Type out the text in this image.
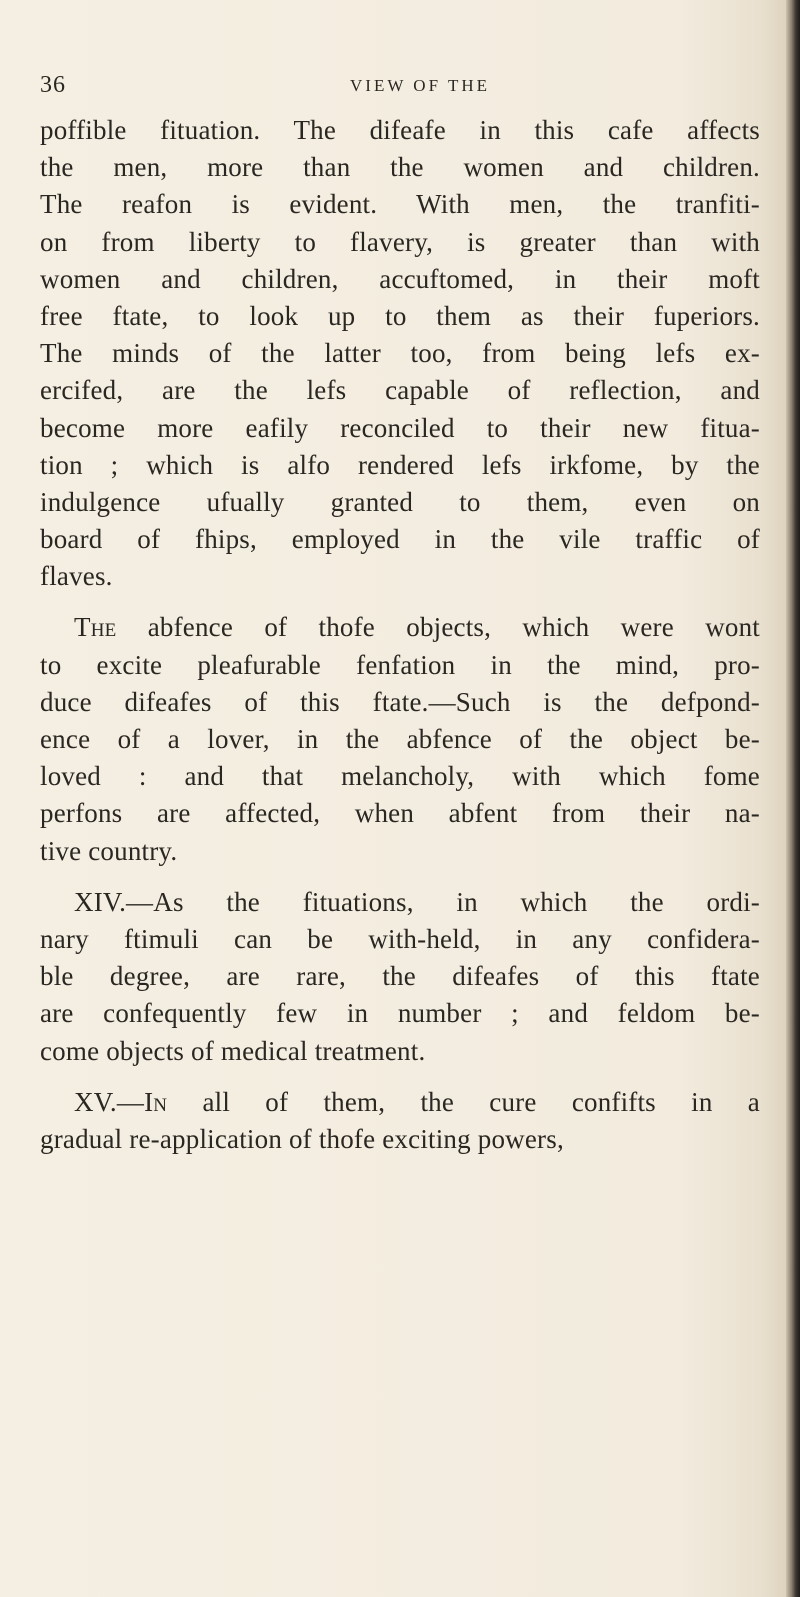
36	VIEW OF THE
poffible fituation. The difeafe in this cafe affects
the men, more than the women and children.
The reafon is evident. With men, the tranfiti-
on from liberty to flavery, is greater than with
women and children, accuftomed, in their moft
free ftate, to look up to them as their fuperiors.
The minds of the latter too, from being lefs ex-
ercifed, are the lefs capable of reflection, and
become more eafily reconciled to their new fitua-
tion ; which is alfo rendered lefs irkfome, by the
indulgence ufually granted to them, even on
board of fhips, employed in the vile traffic of
flaves.
The abfence of thofe objects, which were wont
to excite pleafurable fenfation in the mind, pro-
duce difeafes of this ftate.—Such is the defpond-
ence of a lover, in the abfence of the object be-
loved : and that melancholy, with which fome
perfons are affected, when abfent from their na-
tive country.
XIV.—As the fituations, in which the ordi-
nary ftimuli can be with-held, in any confidera-
ble degree, are rare, the difeafes of this ftate
are confequently few in number ; and feldom be-
come objects of medical treatment.
XV.—In all of them, the cure confifts in a
gradual re-application of thofe exciting powers,
